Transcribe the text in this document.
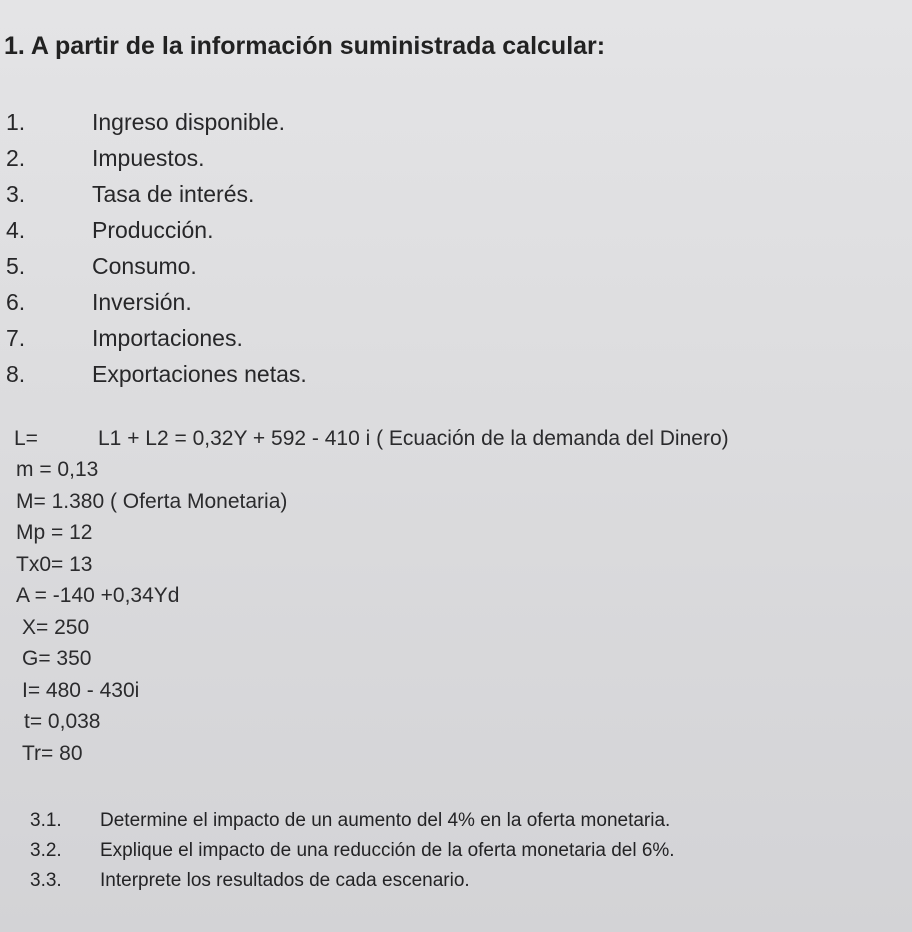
1. A partir de la información suministrada calcular:
1.	Ingreso disponible.
2.	Impuestos.
3.	Tasa de interés.
4.	Producción.
5.	Consumo.
6.	Inversión.
7.	Importaciones.
8.	Exportaciones netas.
L=	L1 + L2 = 0,32Y + 592 - 410 i ( Ecuación de la demanda del Dinero)
m = 0,13
M= 1.380 ( Oferta Monetaria)
Mp = 12
Tx0= 13
A = -140 +0,34Yd
X= 250
G= 350
I= 480 - 430i
t= 0,038
Tr= 80
3.1.	Determine el impacto de un aumento del 4% en la oferta monetaria.
3.2.	Explique el impacto de una reducción de la oferta monetaria del 6%.
3.3.	Interprete los resultados de cada escenario.
